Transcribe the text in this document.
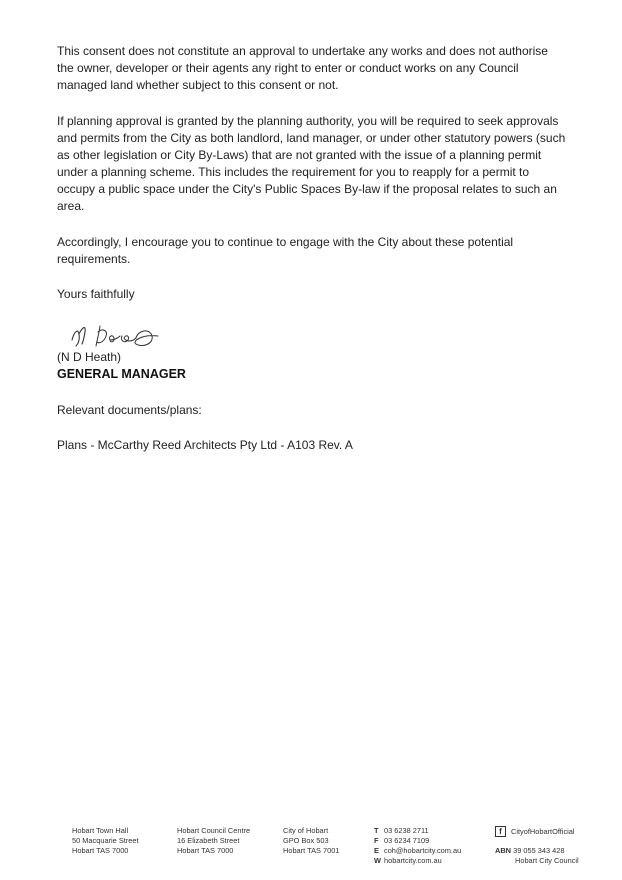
This consent does not constitute an approval to undertake any works and does not authorise the owner, developer or their agents any right to enter or conduct works on any Council managed land whether subject to this consent or not.

If planning approval is granted by the planning authority, you will be required to seek approvals and permits from the City as both landlord, land manager, or under other statutory powers (such as other legislation or City By-Laws) that are not granted with the issue of a planning permit under a planning scheme. This includes the requirement for you to reapply for a permit to occupy a public space under the City's Public Spaces By-law if the proposal relates to such an area.

Accordingly, I encourage you to continue to engage with the City about these potential requirements.

Yours faithfully

(N D Heath)

GENERAL MANAGER

Relevant documents/plans:

Plans - McCarthy Reed Architects Pty Ltd - A103 Rev. A

Hobart Town Hall
50 Macquarie Street
Hobart TAS 7000
Hobart Council Centre
16 Elizabeth Street
Hobart TAS 7000
City of Hobart
GPO Box 503
Hobart TAS 7001
T 03 6238 2711
F 03 6234 7109
E coh@hobartcity.com.au
W hobartcity.com.au
f	CityofHobartOfficial
ABN 39 055 343 428
Hobart City Council
